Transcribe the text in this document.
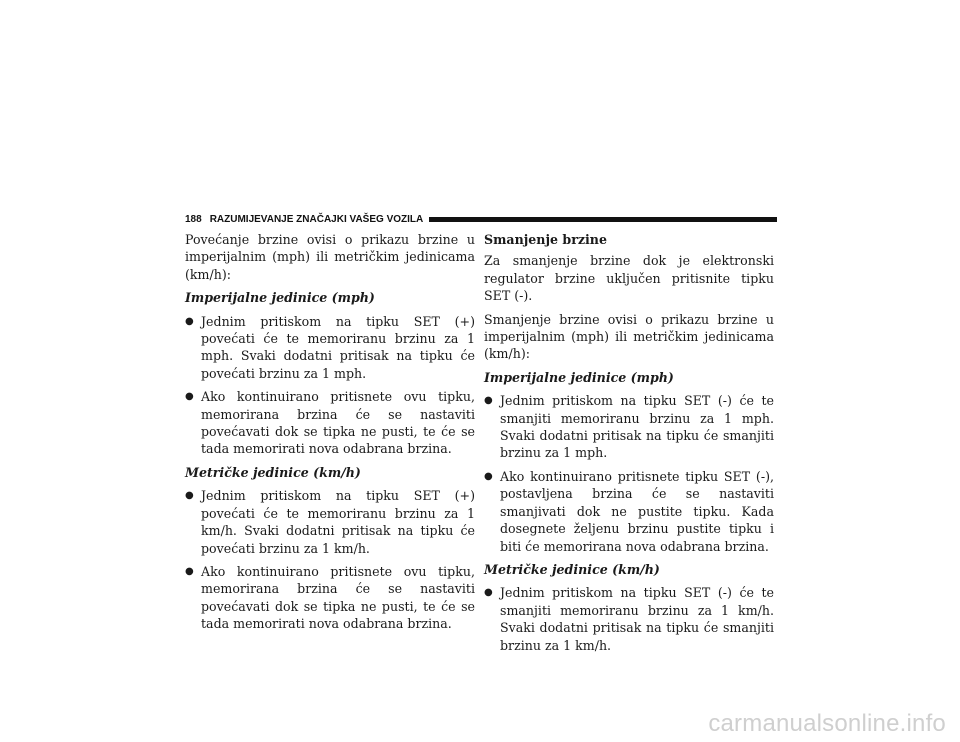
188 RAZUMIJEVANJE ZNAČAJKI VAŠEG VOZILA

Povećanje brzine ovisi o prikazu brzine u imperijalnim (mph) ili metričkim jedinicama (km/h):

Imperijalne jedinice (mph)
● Jednim pritiskom na tipku SET (+) povećati će te memoriranu brzinu za 1 mph. Svaki dodatni pritisak na tipku će povećati brzinu za 1 mph.
● Ako kontinuirano pritisnete ovu tipku, memorirana brzina će se nastaviti povećavati dok se tipka ne pusti, te će se tada memorirati nova odabrana brzina.
Metričke jedinice (km/h)
● Jednim pritiskom na tipku SET (+) povećati će te memoriranu brzinu za 1 km/h. Svaki dodatni pritisak na tipku će povećati brzinu za 1 km/h.
● Ako kontinuirano pritisnete ovu tipku, memorirana brzina će se nastaviti povećavati dok se tipka ne pusti, te će se tada memorirati nova odabrana brzina.
Smanjenje brzine

Za smanjenje brzine dok je elektronski regulator brzine uključen pritisnite tipku SET (-).

Smanjenje brzine ovisi o prikazu brzine u imperijalnim (mph) ili metričkim jedinicama (km/h):

Imperijalne jedinice (mph)
● Jednim pritiskom na tipku SET (-) će te smanjiti memoriranu brzinu za 1 mph. Svaki dodatni pritisak na tipku će smanjiti brzinu za 1 mph.
● Ako kontinuirano pritisnete tipku SET (-), postavljena brzina će se nastaviti smanjivati dok ne pustite tipku. Kada dosegnete željenu brzinu pustite tipku i biti će memorirana nova odabrana brzina.
Metričke jedinice (km/h)
● Jednim pritiskom na tipku SET (-) će te smanjiti memoriranu brzinu za 1 km/h. Svaki dodatni pritisak na tipku će smanjiti brzinu za 1 km/h.
carmanualsonline.info
